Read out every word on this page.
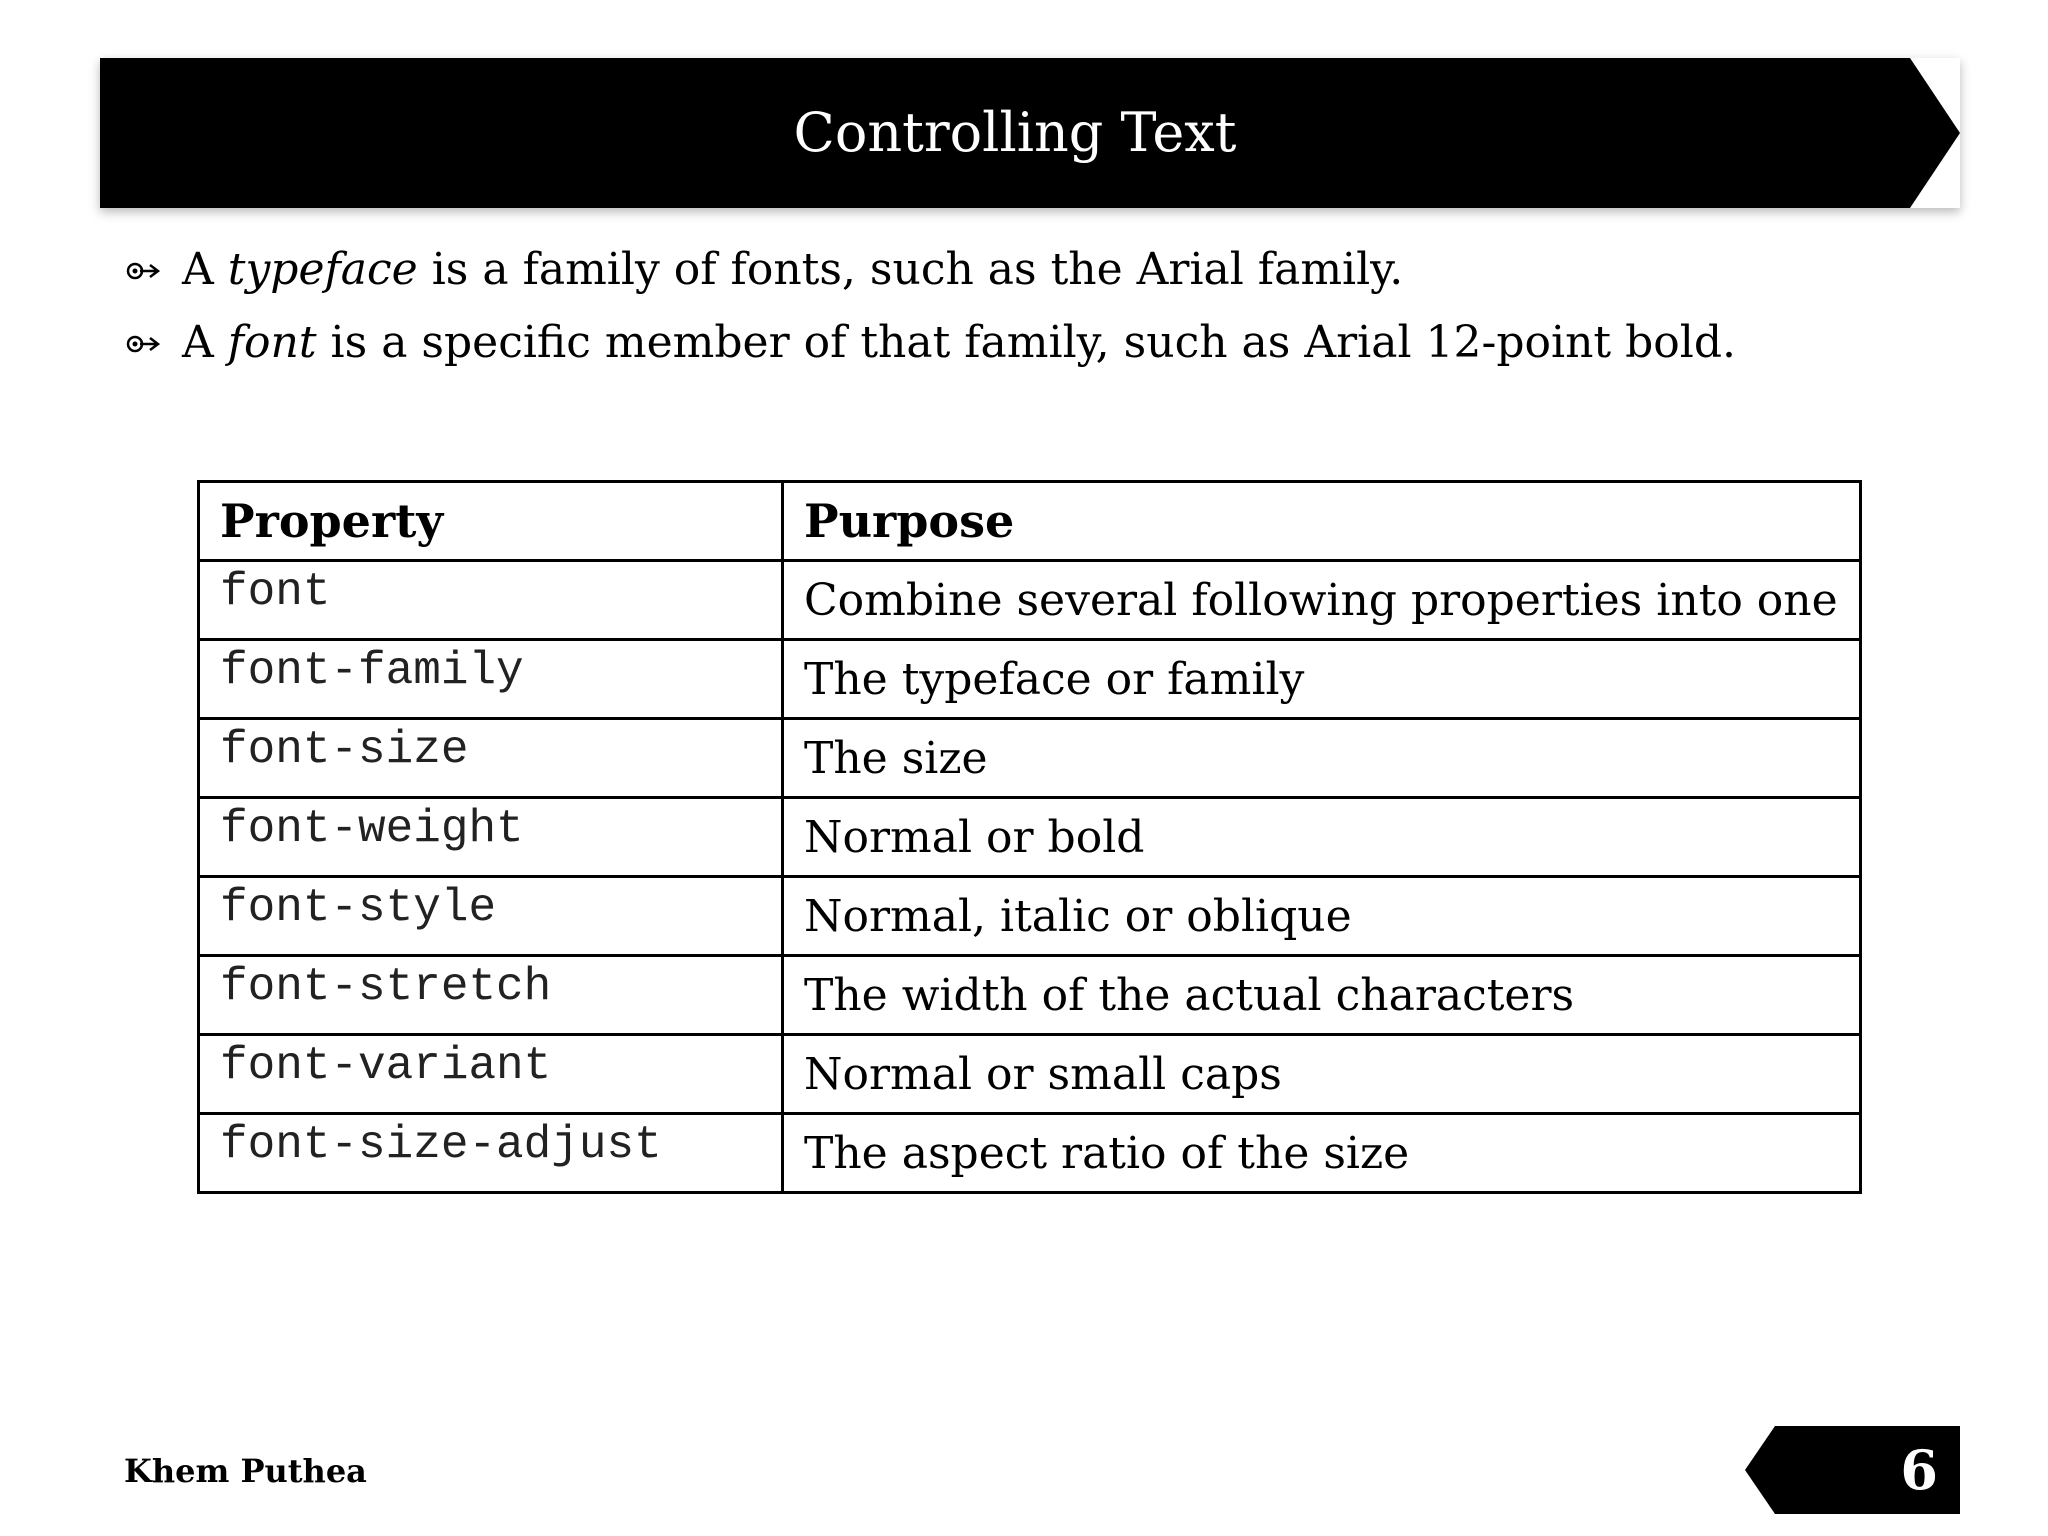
Controlling Text
A typeface is a family of fonts, such as the Arial family.
A font is a specific member of that family, such as Arial 12-point bold.
Property	Purpose
font	Combine several following properties into one
font-family	The typeface or family
font-size	The size
font-weight	Normal or bold
font-style	Normal, italic or oblique
font-stretch	The width of the actual characters
font-variant	Normal or small caps
font-size-adjust	The aspect ratio of the size
Khem Puthea	6
